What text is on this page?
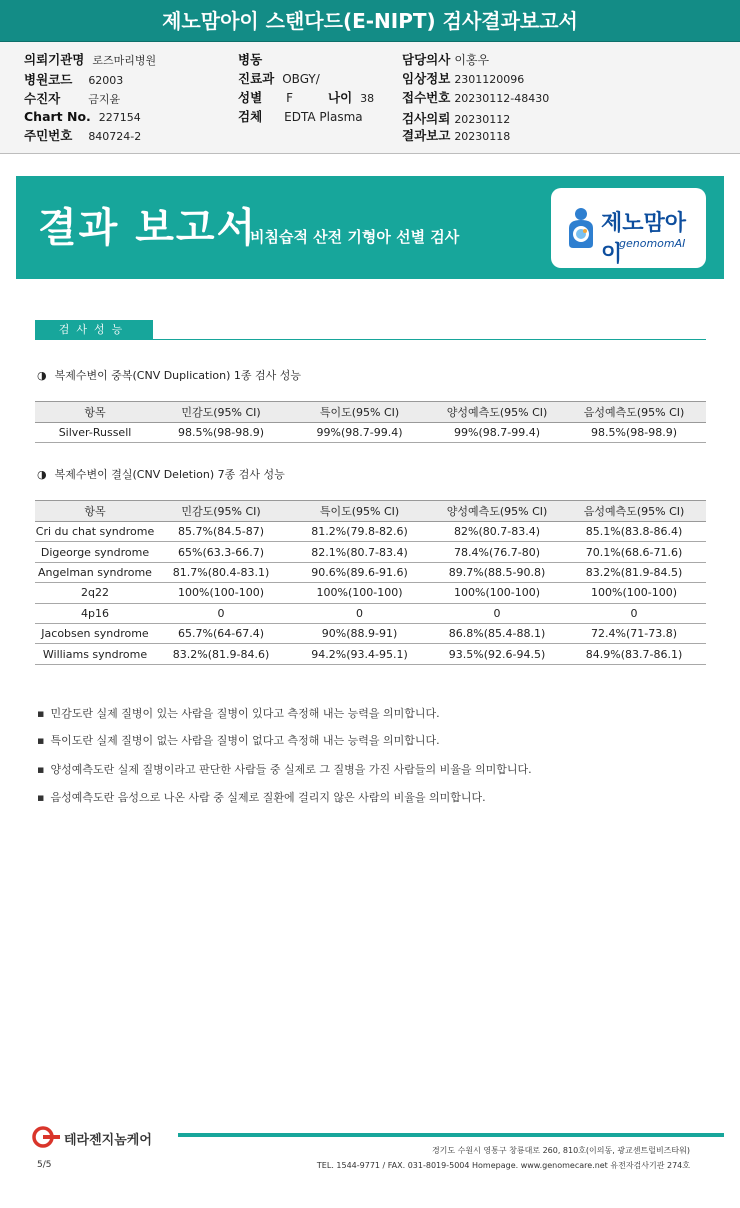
제노맘아이 스탠다드(E-NIPT) 검사결과보고서
의뢰기관명 로즈마리병원
병원코드 62003
수진자	금지윤
Chart No. 227154
주민번호 840724-2
병동
진료과 OBGY/
성별 F	나이 38
검체 EDTA Plasma
담당의사 이홍우
임상정보 2301120096
접수번호 20230112-48430
검사의뢰 20230112
결과보고 20230118
결과 보고서
비침습적 산전 기형아 선별 검사
제노맘아이
genomomAI
검사성능
◑ 복제수변이 중복(CNV Duplication) 1종 검사 성능
항목	민감도(95% CI)	특이도(95% CI)	양성예측도(95% CI)	음성예측도(95% CI)
Silver-Russell	98.5%(98-98.9)	99%(98.7-99.4)	99%(98.7-99.4)	98.5%(98-98.9)
◑ 복제수변이 결실(CNV Deletion) 7종 검사 성능
항목	민감도(95% CI)	특이도(95% CI)	양성예측도(95% CI)	음성예측도(95% CI)
Cri du chat syndrome	85.7%(84.5-87)	81.2%(79.8-82.6)	82%(80.7-83.4)	85.1%(83.8-86.4)
Digeorge syndrome	65%(63.3-66.7)	82.1%(80.7-83.4)	78.4%(76.7-80)	70.1%(68.6-71.6)
Angelman syndrome	81.7%(80.4-83.1)	90.6%(89.6-91.6)	89.7%(88.5-90.8)	83.2%(81.9-84.5)
2q22	100%(100-100)	100%(100-100)	100%(100-100)	100%(100-100)
4p16	0	0	0	0
Jacobsen syndrome	65.7%(64-67.4)	90%(88.9-91)	86.8%(85.4-88.1)	72.4%(71-73.8)
Williams syndrome	83.2%(81.9-84.6)	94.2%(93.4-95.1)	93.5%(92.6-94.5)	84.9%(83.7-86.1)
▪ 민감도란 실제 질병이 있는 사람을 질병이 있다고 측정해 내는 능력을 의미합니다.
▪ 특이도란 실제 질병이 없는 사람을 질병이 없다고 측정해 내는 능력을 의미합니다.
▪ 양성예측도란 실제 질병이라고 판단한 사람들 중 실제로 그 질병을 가진 사람들의 비율을 의미합니다.
▪ 음성예측도란 음성으로 나온 사람 중 실제로 질환에 걸리지 않은 사람의 비율을 의미합니다.
테라젠지놈케어
5/5
경기도 수원시 영통구 창룡대로 260, 810호(이의동, 광교센트럴비즈타워)
TEL. 1544-9771 / FAX. 031-8019-5004 Homepage. www.genomecare.net 유전자검사기관 274호
